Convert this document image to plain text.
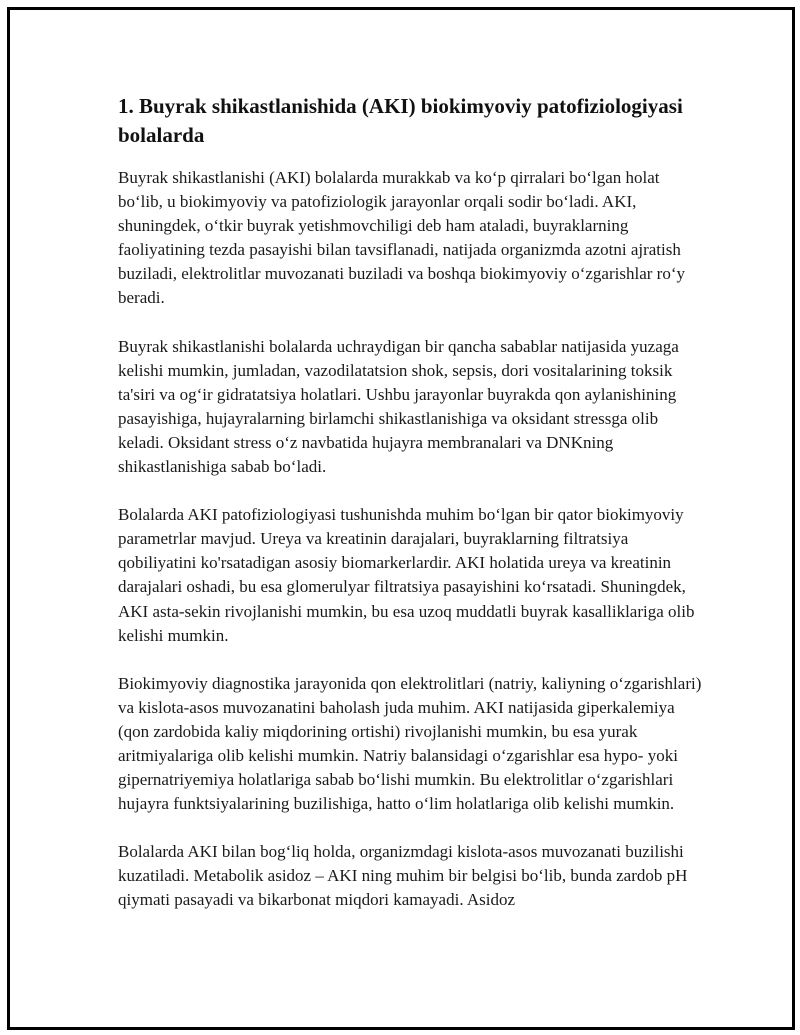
1. Buyrak shikastlanishida (AKI) biokimyoviy patofiziologiyasi bolalarda

Buyrak shikastlanishi (AKI) bolalarda murakkab va ko‘p qirralari bo‘lgan holat bo‘lib, u biokimyoviy va patofiziologik jarayonlar orqali sodir bo‘ladi. AKI, shuningdek, o‘tkir buyrak yetishmovchiligi deb ham ataladi, buyraklarning faoliyatining tezda pasayishi bilan tavsiflanadi, natijada organizmda azotni ajratish buziladi, elektrolitlar muvozanati buziladi va boshqa biokimyoviy o‘zgarishlar ro‘y beradi.

Buyrak shikastlanishi bolalarda uchraydigan bir qancha sabablar natijasida yuzaga kelishi mumkin, jumladan, vazodilatatsion shok, sepsis, dori vositalarining toksik ta'siri va og‘ir gidratatsiya holatlari. Ushbu jarayonlar buyrakda qon aylanishining pasayishiga, hujayralarning birlamchi shikastlanishiga va oksidant stressga olib keladi. Oksidant stress o‘z navbatida hujayra membranalari va DNKning shikastlanishiga sabab bo‘ladi.

Bolalarda AKI patofiziologiyasi tushunishda muhim bo‘lgan bir qator biokimyoviy parametrlar mavjud. Ureya va kreatinin darajalari, buyraklarning filtratsiya qobiliyatini ko'rsatadigan asosiy biomarkerlardir. AKI holatida ureya va kreatinin darajalari oshadi, bu esa glomerulyar filtratsiya pasayishini ko‘rsatadi. Shuningdek, AKI asta-sekin rivojlanishi mumkin, bu esa uzoq muddatli buyrak kasalliklariga olib kelishi mumkin.

Biokimyoviy diagnostika jarayonida qon elektrolitlari (natriy, kaliyning o‘zgarishlari) va kislota-asos muvozanatini baholash juda muhim. AKI natijasida giperkalemiya (qon zardobida kaliy miqdorining ortishi) rivojlanishi mumkin, bu esa yurak aritmiyalariga olib kelishi mumkin. Natriy balansidagi o‘zgarishlar esa hypo- yoki gipernatriyemiya holatlariga sabab bo‘lishi mumkin. Bu elektrolitlar o‘zgarishlari hujayra funktsiyalarining buzilishiga, hatto o‘lim holatlariga olib kelishi mumkin.

Bolalarda AKI bilan bog‘liq holda, organizmdagi kislota-asos muvozanati buzilishi kuzatiladi. Metabolik asidoz – AKI ning muhim bir belgisi bo‘lib, bunda zardob pH qiymati pasayadi va bikarbonat miqdori kamayadi. Asidoz
